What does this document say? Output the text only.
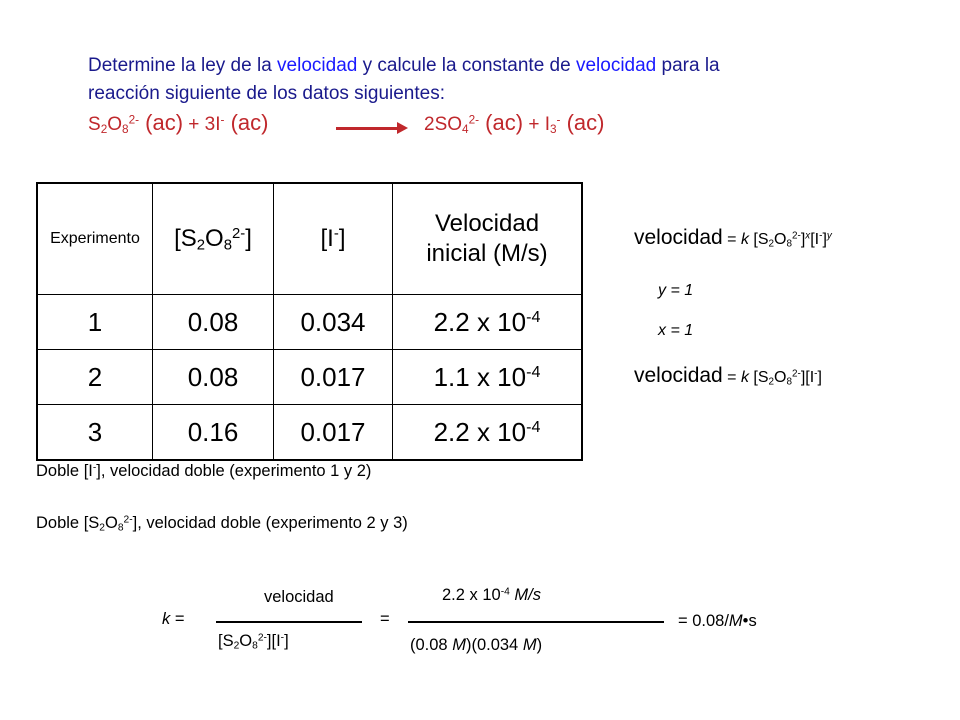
Determine la ley de la velocidad y calcule la constante de velocidad para la
reacción siguiente de los datos siguientes:
$S_2O_8^{2-}$ (ac) + 3I- (ac)	$2SO_4^{2-}$ $(ac) + I_3^-$ (ac)
Experimento	$[S_2O_8^{2-}]$	[I-]	Velocidad
inicial (M/s)

1	0.08	0.034	2.2 x $10^{-4}$
2	0.08	0.017	1.1 x $10^{-4}$
3	0.16	0.017	2.2 x $10^{-4}$
velocidad = k $[S_2O_8^{2-}]^x[I^-]^y$
y = 1
x = 1
velocidad = k $[S_2O_8^{2-}][I^-]$
Doble [I-], velocidad doble (experimento 1 y 2)
Doble $[S_2O_8^{2-}]$, velocidad doble (experimento 2 y 3)
k =
velocidad
$[S_2O_8^{2-}][I^-]$
=
2.2 x $10^{-4}$ M/s
(0.08 M)(0.034 M)
= 0.08/M•s
